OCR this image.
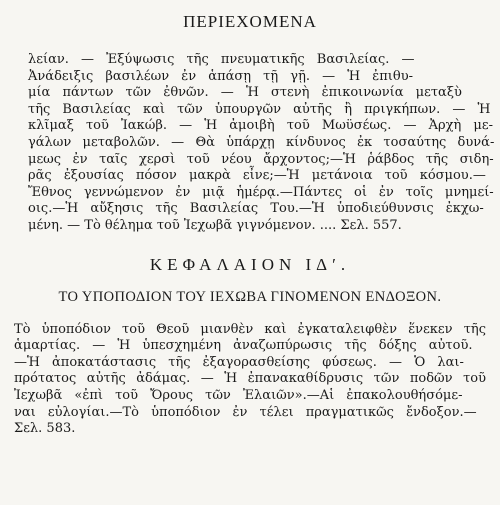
ΠΕΡΙΕΧΟΜΕΝΑ
λείαν. — Ἐξύψωσις τῆς πνευματικῆς Βασιλείας. —
Ἀνάδειξις βασιλέων ἐν ἁπάσῃ τῇ γῇ. — Ἡ ἐπιθυ-
μία πάντων τῶν ἐθνῶν. — Ἡ στενὴ ἐπικοινωνία μεταξὺ
τῆς Βασιλείας καὶ τῶν ὑπουργῶν αὐτῆς ἢ πριγκήπων. — Ἡ
κλῖμαξ τοῦ Ἰακώβ. — Ἡ ἀμοιβὴ τοῦ Μωϋσέως. — Ἀρχὴ με-
γάλων μεταβολῶν. — Θὰ ὑπάρχῃ κίνδυνος ἐκ τοσαύτης δυνά-
μεως ἐν ταῖς χερσὶ τοῦ νέου ἄρχοντος;—Ἡ ῥάβδος τῆς σιδη-
ρᾶς ἐξουσίας πόσον μακρὰ εἶνε;—Ἡ μετάνοια τοῦ κόσμου.—
Ἔθνος γεννώμενον ἐν μιᾷ ἡμέρᾳ.—Πάντες οἱ ἐν τοῖς μνημεί-
οις.—Ἡ αὔξησις τῆς Βασιλείας Του.—Ἡ ὑποδιεύθυνσις ἐκχω-
μένη. — Τὸ θέλημα τοῦ Ἰεχωβᾶ γιγνόμενον. .... Σελ. 557.
ΚΕΦΑΛΑΙΟΝ ΙΔʹ.
ΤΟ ΥΠΟΠΟΔΙΟΝ ΤΟΥ ΙΕΧΩΒΑ ΓΙΝΟΜΕΝΟΝ ΕΝΔΟΞΟΝ.
Τὸ ὑποπόδιον τοῦ Θεοῦ μιανθὲν καὶ ἐγκαταλειφθὲν ἕνεκεν τῆς
ἁμαρτίας. — Ἡ ὑπεσχημένη ἀναζωπύρωσις τῆς δόξης αὐτοῦ.
—Ἡ ἀποκατάστασις τῆς ἐξαγορασθείσης φύσεως. — Ὁ λαι-
πρότατος αὐτῆς ἀδάμας. — Ἡ ἐπανακαθίδρυσις τῶν ποδῶν τοῦ
Ἰεχωβᾶ «ἐπὶ τοῦ Ὄρους τῶν Ἐλαιῶν».—Αἱ ἐπακολουθήσόμε-
ναι εὐλογίαι.—Τὸ ὑποπόδιον ἐν τέλει πραγματικῶς ἔνδοξον.—
Σελ. 583.
